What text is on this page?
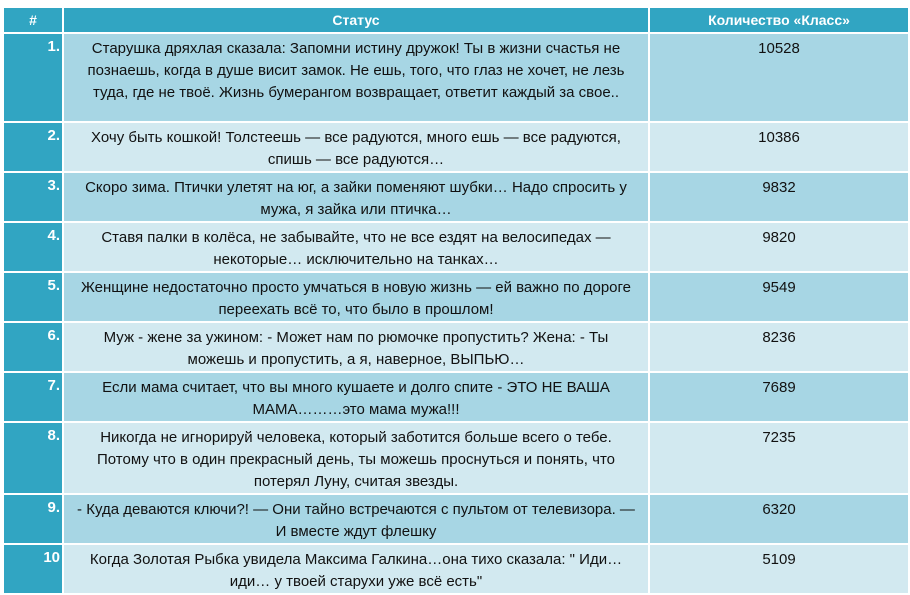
#	Статус	Количество «Класс»
1.	Старушка дряхлая сказала: Запомни истину дружок! Ты в жизни счастья не познаешь, когда в душе висит замок. Не ешь, того, что глаз не хочет, не лезь туда, где не твоё. Жизнь бумерангом возвращает, ответит каждый за свое..	10528
2.	Хочу быть кошкой! Толстеешь — все радуются, много ешь — все радуются, спишь — все радуются…	10386
3.	Скоро зима. Птички улетят на юг, а зайки поменяют шубки… Надо спросить у мужа, я зайка или птичка…	9832
4.	Ставя палки в колёса, не забывайте, что не все ездят на велосипедах — некоторые… исключительно на танках…	9820
5.	Женщине недостаточно просто умчаться в новую жизнь — ей важно по дороге переехать всё то, что было в прошлом!	9549
6.	Муж - жене за ужином: - Может нам по рюмочке пропустить? Жена: - Ты можешь и пропустить, а я, наверное, ВЫПЬЮ…	8236
7.	Если мама считает, что вы много кушаете и долго спите - ЭТО НЕ ВАША МАМА………это мама мужа!!!	7689
8.	Никогда не игнорируй человека, который заботится больше всего о тебе. Потому что в один прекрасный день, ты можешь проснуться и понять, что потерял Луну, считая звезды.	7235
9.	- Куда деваются ключи?! — Они тайно встречаются с пультом от телевизора. — И вместе ждут флешку	6320
10	Когда Золотая Рыбка увидела Максима Галкина…она тихо сказала: " Иди…иди… у твоей старухи уже всё есть"	5109
